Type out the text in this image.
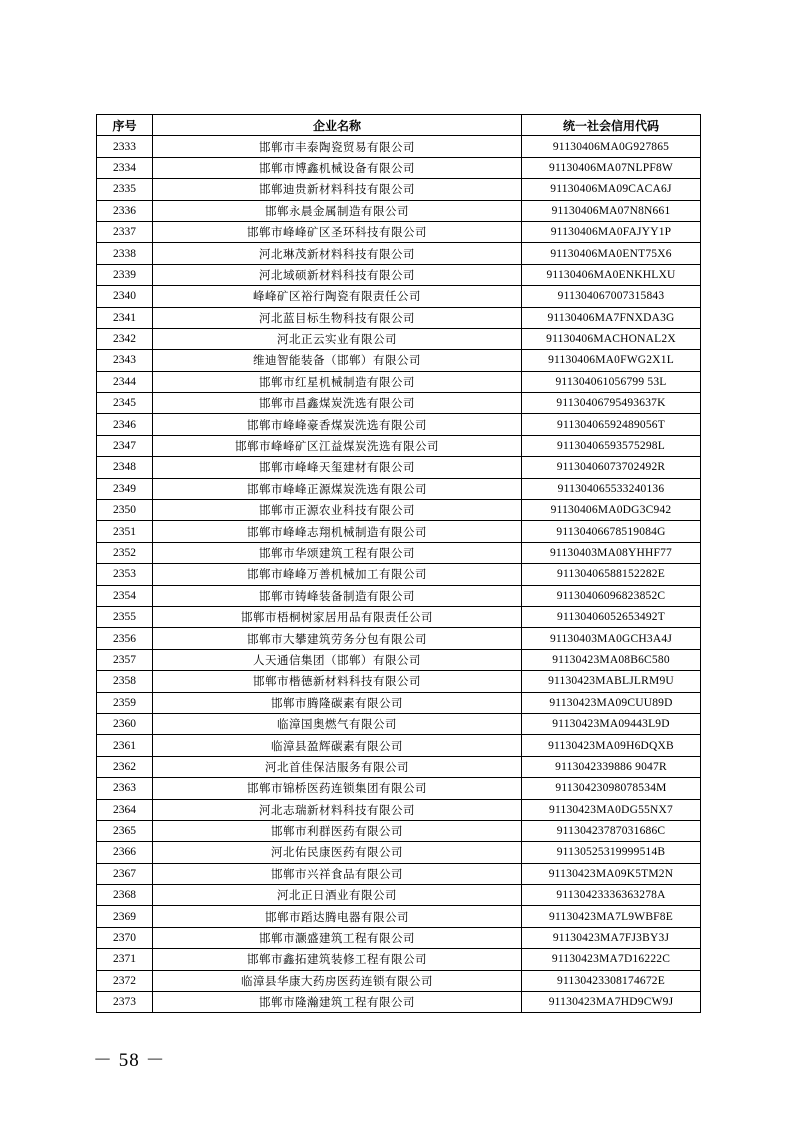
序号	企业名称	统一社会信用代码
2333	邯郸市丰泰陶瓷贸易有限公司	91130406MA0G927865
2334	邯郸市博鑫机械设备有限公司	91130406MA07NLPF8W
2335	邯郸迪贵新材料科技有限公司	91130406MA09CACA6J
2336	邯郸永晨金属制造有限公司	91130406MA07N8N661
2337	邯郸市峰峰矿区圣环科技有限公司	91130406MA0FAJYY1P
2338	河北琳茂新材料科技有限公司	91130406MA0ENT75X6
2339	河北域硕新材料科技有限公司	91130406MA0ENKHLXU
2340	峰峰矿区裕行陶瓷有限责任公司	911304067007315843
2341	河北蓝目标生物科技有限公司	91130406MA7FNXDA3G
2342	河北正云实业有限公司	91130406MACHONAL2X
2343	维迪智能装备（邯郸）有限公司	91130406MA0FWG2X1L
2344	邯郸市红星机械制造有限公司	911304061056799 53L
2345	邯郸市昌鑫煤炭洗选有限公司	91130406795493637K
2346	邯郸市峰峰豪香煤炭洗选有限公司	91130406592489056T
2347	邯郸市峰峰矿区江益煤炭洗选有限公司	91130406593575298L
2348	邯郸市峰峰天玺建材有限公司	91130406073702492R
2349	邯郸市峰峰正源煤炭洗选有限公司	911304065533240136
2350	邯郸市正源农业科技有限公司	91130406MA0DG3C942
2351	邯郸市峰峰志翔机械制造有限公司	91130406678519084G
2352	邯郸市华颂建筑工程有限公司	91130403MA08YHHF77
2353	邯郸市峰峰万善机械加工有限公司	91130406588152282E
2354	邯郸市铸峰装备制造有限公司	91130406096823852C
2355	邯郸市梧桐树家居用品有限责任公司	91130406052653492T
2356	邯郸市大攀建筑劳务分包有限公司	91130403MA0GCH3A4J
2357	人天通信集团（邯郸）有限公司	91130423MA08B6C580
2358	邯郸市楷德新材料科技有限公司	91130423MABLJLRM9U
2359	邯郸市腾隆碳素有限公司	91130423MA09CUU89D
2360	临漳国奥燃气有限公司	91130423MA09443L9D
2361	临漳县盈辉碳素有限公司	91130423MA09H6DQXB
2362	河北首佳保洁服务有限公司	9113042339886 9047R
2363	邯郸市锦桥医药连锁集团有限公司	91130423098078534M
2364	河北志瑞新材料科技有限公司	91130423MA0DG55NX7
2365	邯郸市利群医药有限公司	91130423787031686C
2366	河北佑民康医药有限公司	91130525319999514B
2367	邯郸市兴祥食品有限公司	91130423MA09K5TM2N
2368	河北正日酒业有限公司	91130423336363278A
2369	邯郸市蹈达腾电器有限公司	91130423MA7L9WBF8E
2370	邯郸市灏盛建筑工程有限公司	91130423MA7FJ3BY3J
2371	邯郸市鑫拓建筑装修工程有限公司	91130423MA7D16222C
2372	临漳县华康大药房医药连锁有限公司	91130423308174672E
2373	邯郸市隆瀚建筑工程有限公司	91130423MA7HD9CW9J
－ 58 －
